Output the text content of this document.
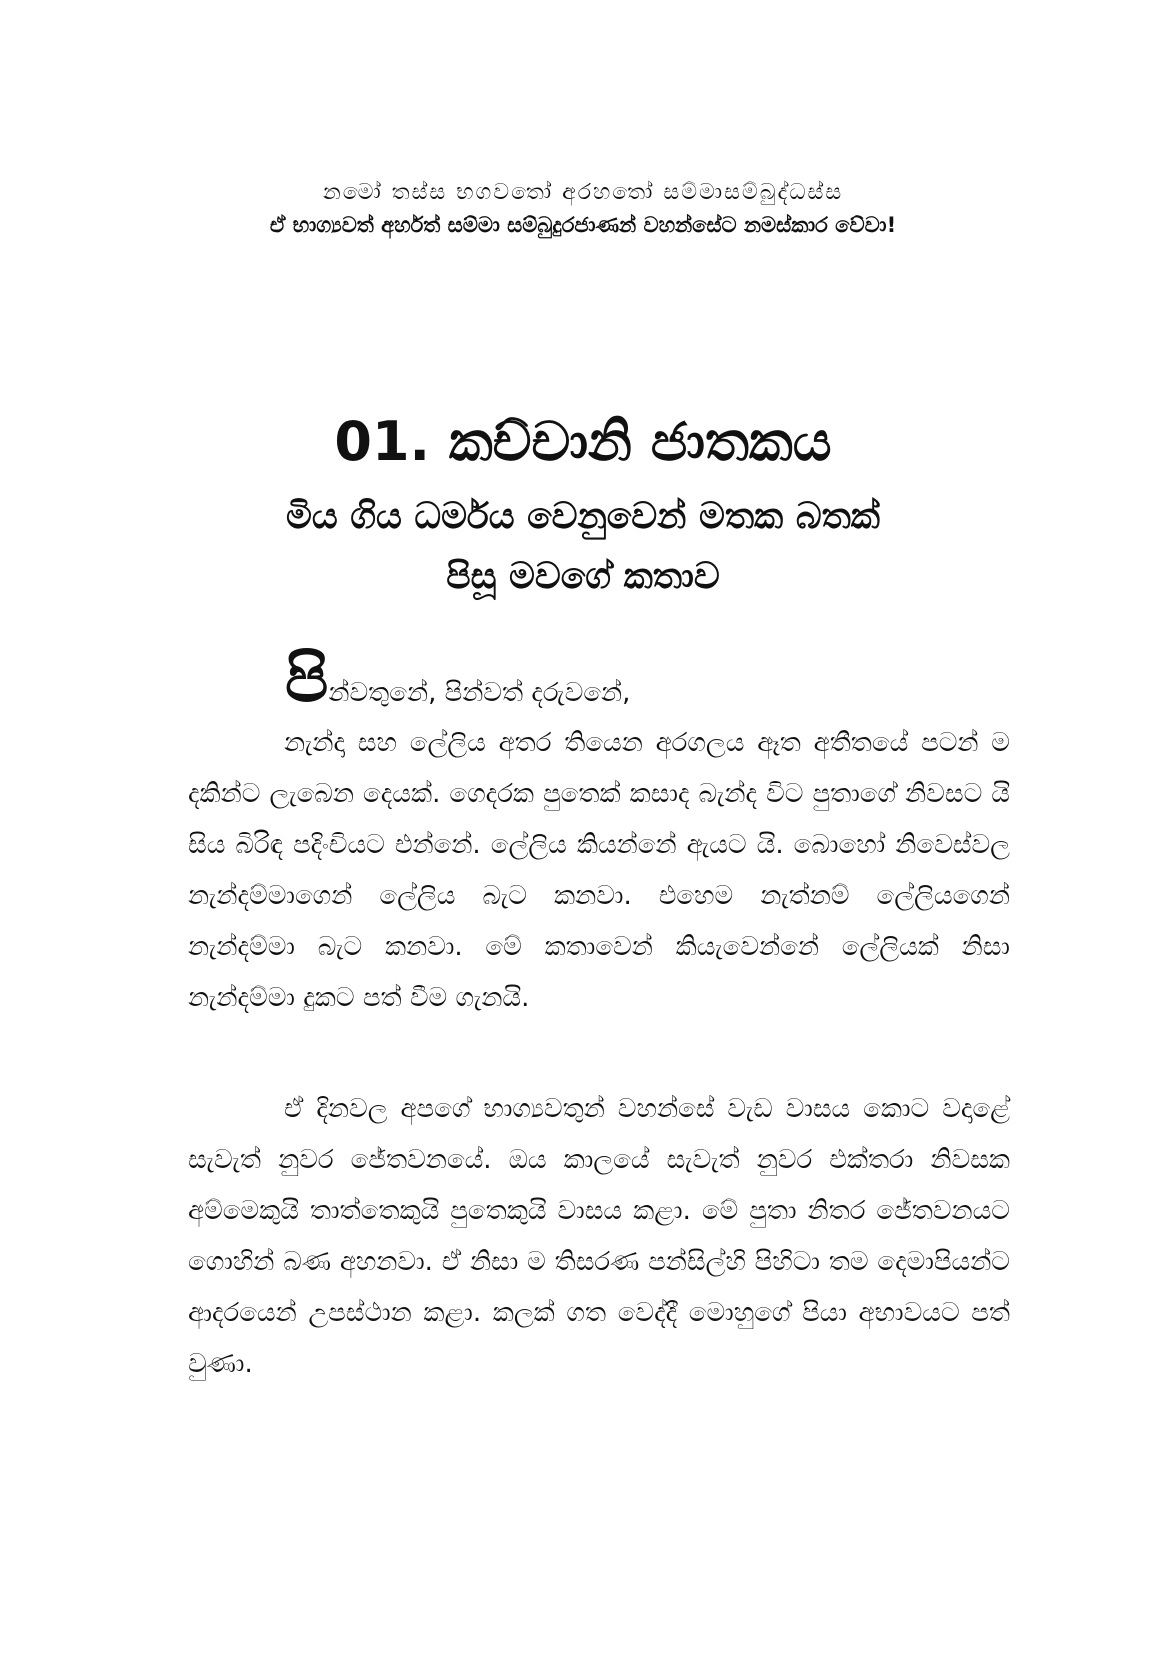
නමෝ තස්ස භගවතෝ අරහතෝ සම්මාසම්බුද්ධස්ස
ඒ භාග්‍යවත් අර්හත් සම්මා සම්බුදුරජාණන් වහන්සේට නමස්කාර වේවා!
01. කච්චානි ජාතකය
මිය ගිය ධර්මය වෙනුවෙන් මතක බතක්
පිසූ මවගේ කතාව
පින්වතුනේ, පින්වත් දරුවනේ,

නැන්දා සහ ලේලිය අතර තියෙන අරගලය ඈත අතීතයේ පටන් ම දකින්ට ලැබෙන දෙයක්. ගෙදරක පුතෙක් කසාද බැන්ද විට පුතාගේ නිවසට යි සිය බිරිඳ පදිංචියට එන්නේ. ලේලිය කියන්නේ ඇයට යි. බොහෝ නිවෙස්වල නැන්දම්මාගෙන් ලේලිය බැට කනවා. එහෙම නැත්නම් ලේලියගෙන් නැන්දම්මා බැට කනවා. මේ කතාවෙන් කියැවෙන්නේ ලේලියක් නිසා නැන්දම්මා දුකට පත් වීම ගැනයි.

ඒ දිනවල අපගේ භාග්‍යවතුන් වහන්සේ වැඩ වාසය කොට වදාළේ සැවැත් නුවර ජේතවනයේ. ඔය කාලයේ සැවැත් නුවර එක්තරා නිවසක අම්මෙකුයි තාත්තෙකුයි පුතෙකුයි වාසය කළා. මේ පුතා නිතර ජේතවනයට ගොහින් බණ අහනවා. ඒ නිසා ම තිසරණ පන්සිල්හි පිහිටා තම දෙමාපියන්ට ආදරයෙන් උපස්ථාන කළා. කලක් ගත වෙද්දී මොහුගේ පියා අභාවයට පත් වුණා.
